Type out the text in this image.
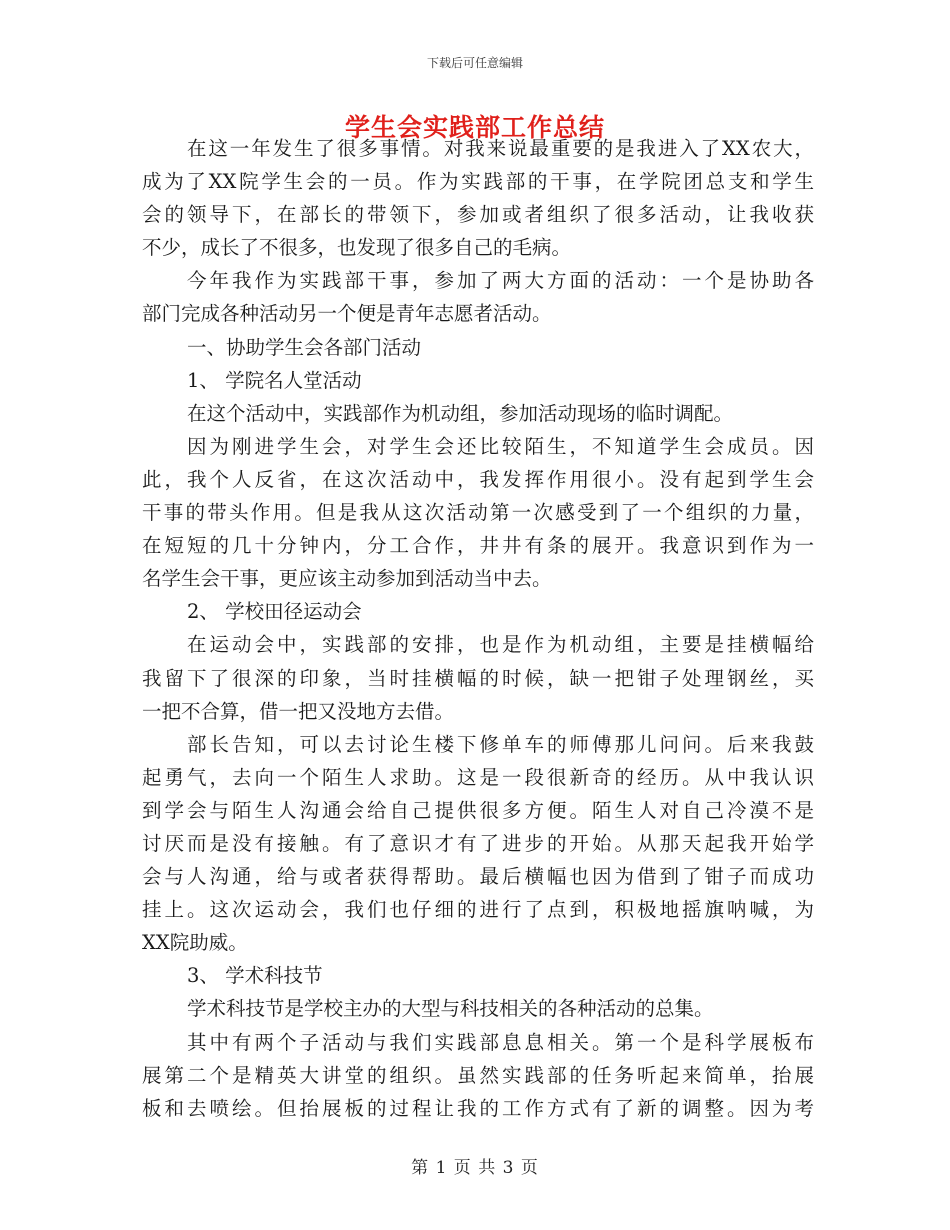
下载后可任意编辑
学生会实践部工作总结
在这一年发生了很多事情。对我来说最重要的是我进入了XX农大，
成为了XX院学生会的一员。作为实践部的干事，在学院团总支和学生
会的领导下，在部长的带领下，参加或者组织了很多活动，让我收获
不少，成长了不很多，也发现了很多自己的毛病。
今年我作为实践部干事，参加了两大方面的活动：一个是协助各
部门完成各种活动另一个便是青年志愿者活动。
一、协助学生会各部门活动
1、 学院名人堂活动
在这个活动中，实践部作为机动组，参加活动现场的临时调配。
因为刚进学生会，对学生会还比较陌生，不知道学生会成员。因
此，我个人反省，在这次活动中，我发挥作用很小。没有起到学生会
干事的带头作用。但是我从这次活动第一次感受到了一个组织的力量，
在短短的几十分钟内，分工合作，井井有条的展开。我意识到作为一
名学生会干事，更应该主动参加到活动当中去。
2、 学校田径运动会
在运动会中，实践部的安排，也是作为机动组，主要是挂横幅给
我留下了很深的印象，当时挂横幅的时候，缺一把钳子处理钢丝，买
一把不合算，借一把又没地方去借。
部长告知，可以去讨论生楼下修单车的师傅那儿问问。后来我鼓
起勇气，去向一个陌生人求助。这是一段很新奇的经历。从中我认识
到学会与陌生人沟通会给自己提供很多方便。陌生人对自己冷漠不是
讨厌而是没有接触。有了意识才有了进步的开始。从那天起我开始学
会与人沟通，给与或者获得帮助。最后横幅也因为借到了钳子而成功
挂上。这次运动会，我们也仔细的进行了点到，积极地摇旗呐喊，为
XX院助威。
3、 学术科技节
学术科技节是学校主办的大型与科技相关的各种活动的总集。
其中有两个子活动与我们实践部息息相关。第一个是科学展板布
展第二个是精英大讲堂的组织。虽然实践部的任务听起来简单，抬展
板和去喷绘。但抬展板的过程让我的工作方式有了新的调整。因为考
第 1 页 共 3 页
